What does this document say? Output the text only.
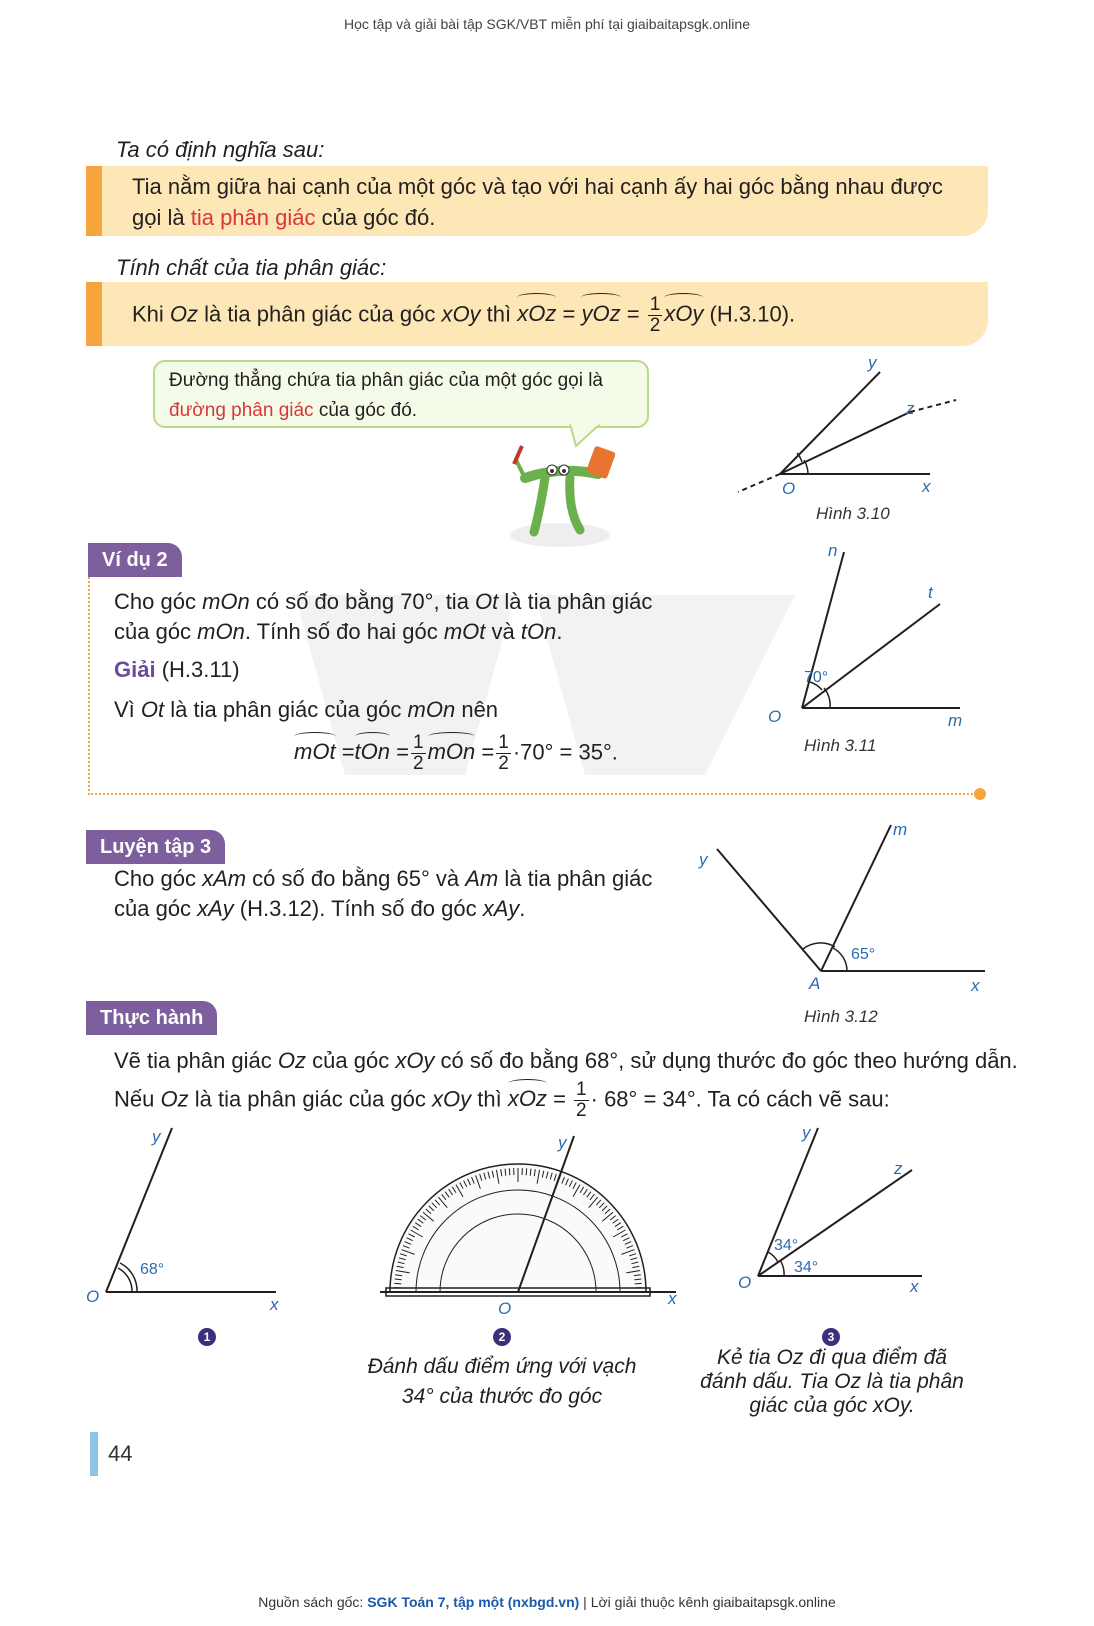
Học tập và giải bài tập SGK/VBT miễn phí tại giaibaitapsgk.online
Ta có định nghĩa sau:
Tia nằm giữa hai cạnh của một góc và tạo với hai cạnh ấy hai góc bằng nhau được
gọi là tia phân giác của góc đó.
Tính chất của tia phân giác:
Khi Oz là tia phân giác của góc xOy thì xOz = yOz = $\frac{1}{2}$ xOy (H.3.10).
Đường thẳng chứa tia phân giác của một góc gọi là
đường phân giác của góc đó.
y
z
O	x
Hình 3.10
Ví dụ 2
Cho góc mOn có số đo bằng 70°, tia Ot là tia phân giác
của góc mOn. Tính số đo hai góc mOt và tOn.
Giải (H.3.11)
Vì Ot là tia phân giác của góc mOn nên
mOt $=tOn = \frac{1}{2}$ mOn = $\frac{1}{2} \cdot 70^\circ = 35^\circ$.
n
t
O	m
70°
Hình 3.11
Luyện tập 3
Cho góc xAm có số đo bằng 65° và Am là tia phân giác
của góc xAy (H.3.12). Tính số đo góc xAy.
y
m
A	x
65°
Hình 3.12
Thực hành
Vẽ tia phân giác Oz của góc xOy có số đo bằng 68°, sử dụng thước đo góc theo hướng dẫn.
Nếu Oz là tia phân giác của góc xOy thì xOz = $\frac{1}{2} \cdot 68^\circ = 34^\circ$. Ta có cách vẽ sau:
y
O	x
68°
1
y
O
x
2
Đánh dấu điểm ứng với vạch
34° của thước đo góc
y
z
O	x
34°
34°
3
Kẻ tia Oz đi qua điểm đã
đánh dấu. Tia Oz là tia phân
giác của góc xOy.
44
Nguồn sách gốc: SGK Toán 7, tập một (nxbgd.vn) | Lời giải thuộc kênh giaibaitapsgk.online
